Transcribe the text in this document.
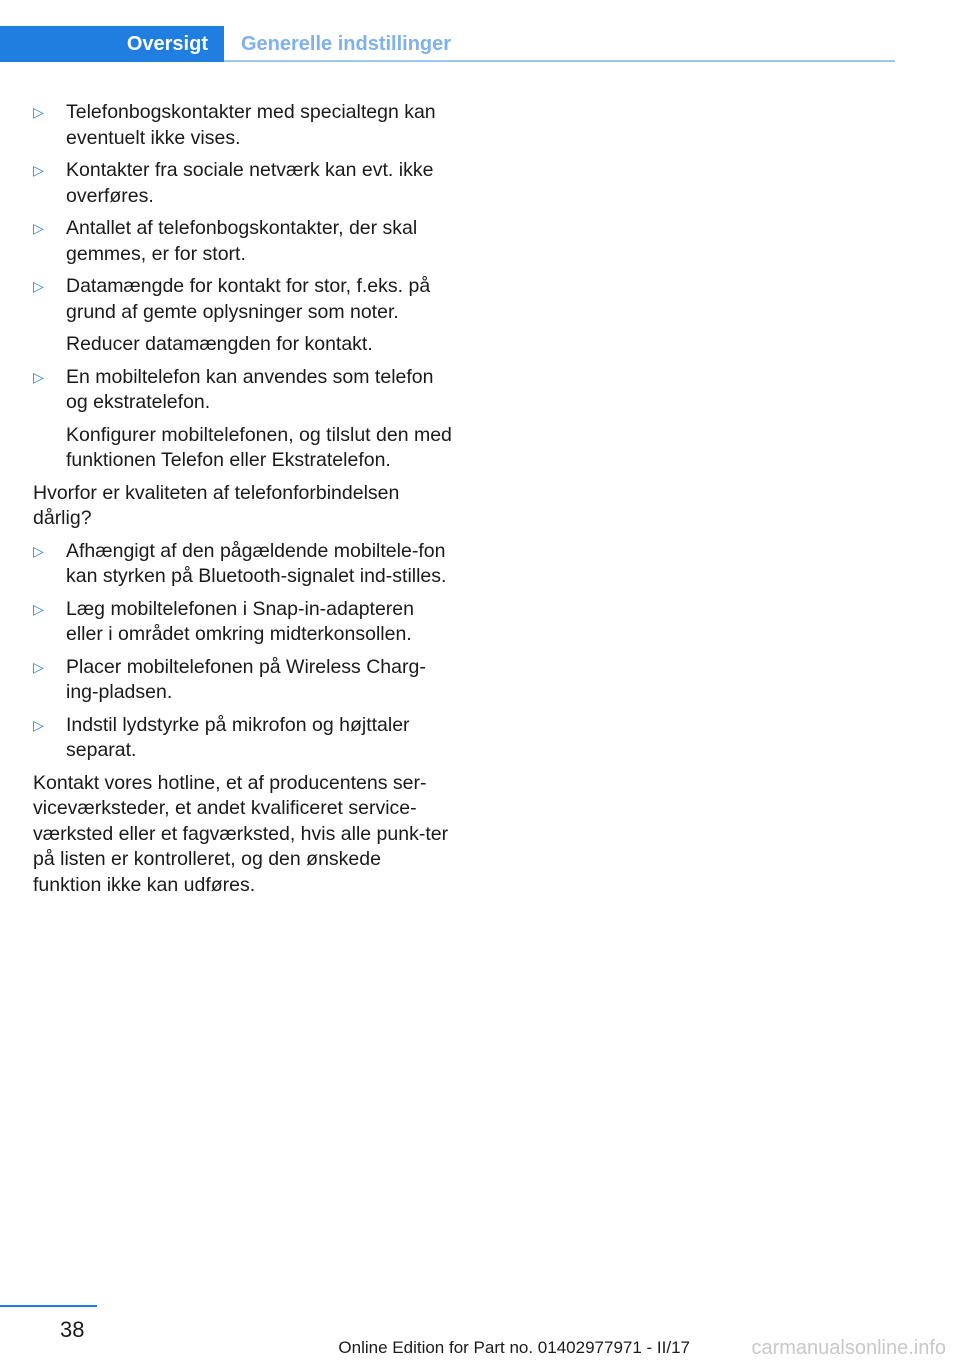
Oversigt	Generelle indstillinger
▷ Telefonbogskontakter med specialtegn kan eventuelt ikke vises.
▷ Kontakter fra sociale netværk kan evt. ikke overføres.
▷ Antallet af telefonbogskontakter, der skal gemmes, er for stort.
▷ Datamængde for kontakt for stor, f.eks. på grund af gemte oplysninger som noter.

Reducer datamængden for kontakt.

▷ En mobiltelefon kan anvendes som telefon og ekstratelefon.

Konfigurer mobiltelefonen, og tilslut den med funktionen Telefon eller Ekstratelefon.

Hvorfor er kvaliteten af telefonforbindelsen dårlig?

▷ Afhængigt af den pågældende mobiltele‐fon kan styrken på Bluetooth-signalet ind‐stilles.
▷ Læg mobiltelefonen i Snap-in-adapteren eller i området omkring midterkonsollen.
▷ Placer mobiltelefonen på Wireless Charg‐ing-pladsen.
▷ Indstil lydstyrke på mikrofon og højttaler separat.

Kontakt vores hotline, et af producentens ser‐viceværksteder, et andet kvalificeret service‐værksted eller et fagværksted, hvis alle punk‐ter på listen er kontrolleret, og den ønskede funktion ikke kan udføres.

38
Online Edition for Part no. 01402977971 - II/17	carmanualsonline.info
